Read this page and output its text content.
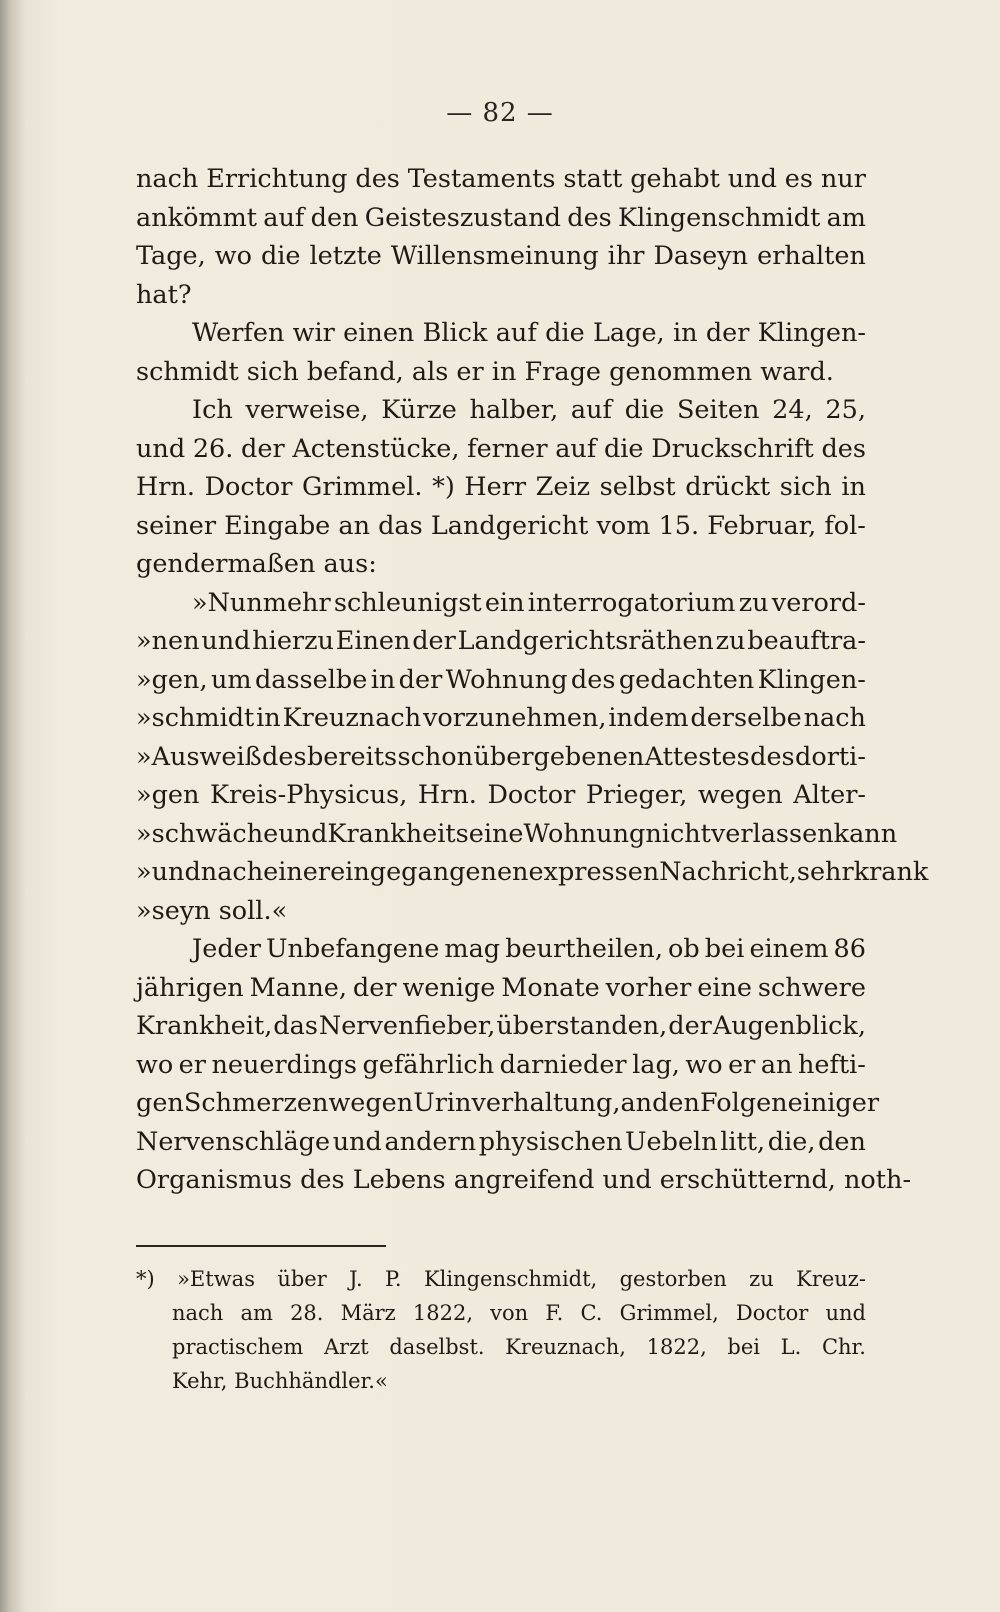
— 82 —
nach Errichtung des Testaments statt gehabt und es nur
ankömmt auf den Geisteszustand des Klingenschmidt am
Tage, wo die letzte Willensmeinung ihr Daseyn erhalten
hat?
Werfen wir einen Blick auf die Lage, in der Klingen-
schmidt sich befand, als er in Frage genommen ward.
Ich verweise, Kürze halber, auf die Seiten 24, 25,
und 26. der Actenstücke, ferner auf die Druckschrift des
Hrn. Doctor Grimmel. *) Herr Zeiz selbst drückt sich in
seiner Eingabe an das Landgericht vom 15. Februar, fol-
gendermaßen aus:
»Nunmehr schleunigst ein interrogatorium zu verord-
»nen und hierzu Einen der Landgerichtsräthen zu beauftra-
»gen, um dasselbe in der Wohnung des gedachten Klingen-
»schmidt in Kreuznach vorzunehmen, indem derselbe nach
»Ausweiß des bereits schon übergebenen Attestes des dorti-
»gen Kreis-Physicus, Hrn. Doctor Prieger, wegen Alter-
»schwäche und Krankheit seine Wohnung nicht verlassen kann
»und nach einer eingegangenen expressen Nachricht, sehr krank
»seyn soll.«
Jeder Unbefangene mag beurtheilen, ob bei einem 86
jährigen Manne, der wenige Monate vorher eine schwere
Krankheit, das Nervenfieber, überstanden, der Augenblick,
wo er neuerdings gefährlich darnieder lag, wo er an hefti-
gen Schmerzen wegen Urinverhaltung, an den Folgen einiger
Nervenschläge und andern physischen Uebeln litt, die, den
Organismus des Lebens angreifend und erschütternd, noth-
*) »Etwas über J. P. Klingenschmidt, gestorben zu Kreuz-
nach am 28. März 1822, von F. C. Grimmel, Doctor und
practischem Arzt daselbst. Kreuznach, 1822, bei L. Chr.
Kehr, Buchhändler.«
